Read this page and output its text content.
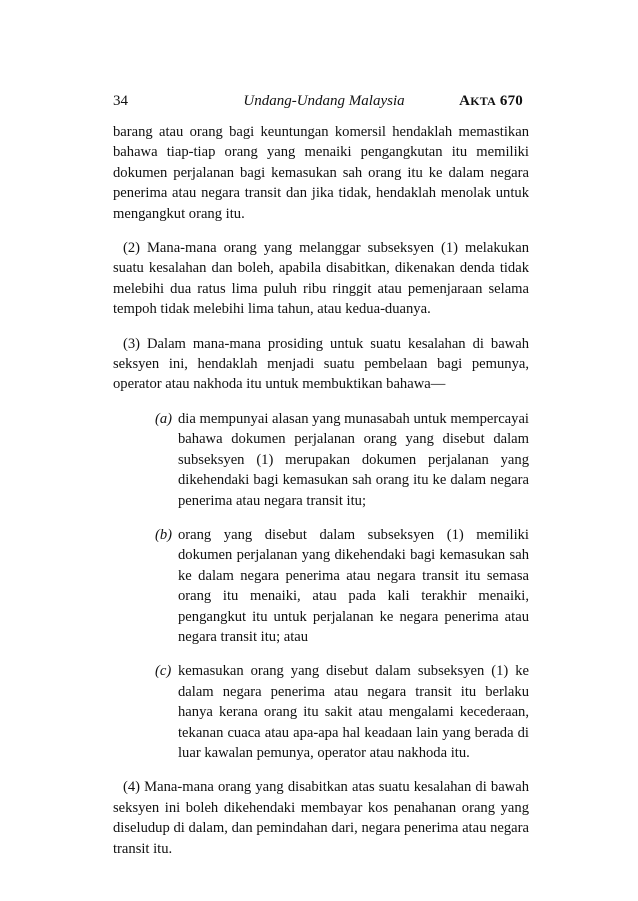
34	Undang-Undang Malaysia	AKTA 670

barang atau orang bagi keuntungan komersil hendaklah memastikan bahawa tiap-tiap orang yang menaiki pengangkutan itu memiliki dokumen perjalanan bagi kemasukan sah orang itu ke dalam negara penerima atau negara transit dan jika tidak, hendaklah menolak untuk mengangkut orang itu.

(2) Mana-mana orang yang melanggar subseksyen (1) melakukan suatu kesalahan dan boleh, apabila disabitkan, dikenakan denda tidak melebihi dua ratus lima puluh ribu ringgit atau pemenjaraan selama tempoh tidak melebihi lima tahun, atau kedua-duanya.

(3) Dalam mana-mana prosiding untuk suatu kesalahan di bawah seksyen ini, hendaklah menjadi suatu pembelaan bagi pemunya, operator atau nakhoda itu untuk membuktikan bahawa—

(a) dia mempunyai alasan yang munasabah untuk mempercayai bahawa dokumen perjalanan orang yang disebut dalam subseksyen (1) merupakan dokumen perjalanan yang dikehendaki bagi kemasukan sah orang itu ke dalam negara penerima atau negara transit itu;
(b) orang yang disebut dalam subseksyen (1) memiliki dokumen perjalanan yang dikehendaki bagi kemasukan sah ke dalam negara penerima atau negara transit itu semasa orang itu menaiki, atau pada kali terakhir menaiki, pengangkut itu untuk perjalanan ke negara penerima atau negara transit itu; atau
(c) kemasukan orang yang disebut dalam subseksyen (1) ke dalam negara penerima atau negara transit itu berlaku hanya kerana orang itu sakit atau mengalami kecederaan, tekanan cuaca atau apa-apa hal keadaan lain yang berada di luar kawalan pemunya, operator atau nakhoda itu.

(4) Mana-mana orang yang disabitkan atas suatu kesalahan di bawah seksyen ini boleh dikehendaki membayar kos penahanan orang yang diseludup di dalam, dan pemindahan dari, negara penerima atau negara transit itu.
